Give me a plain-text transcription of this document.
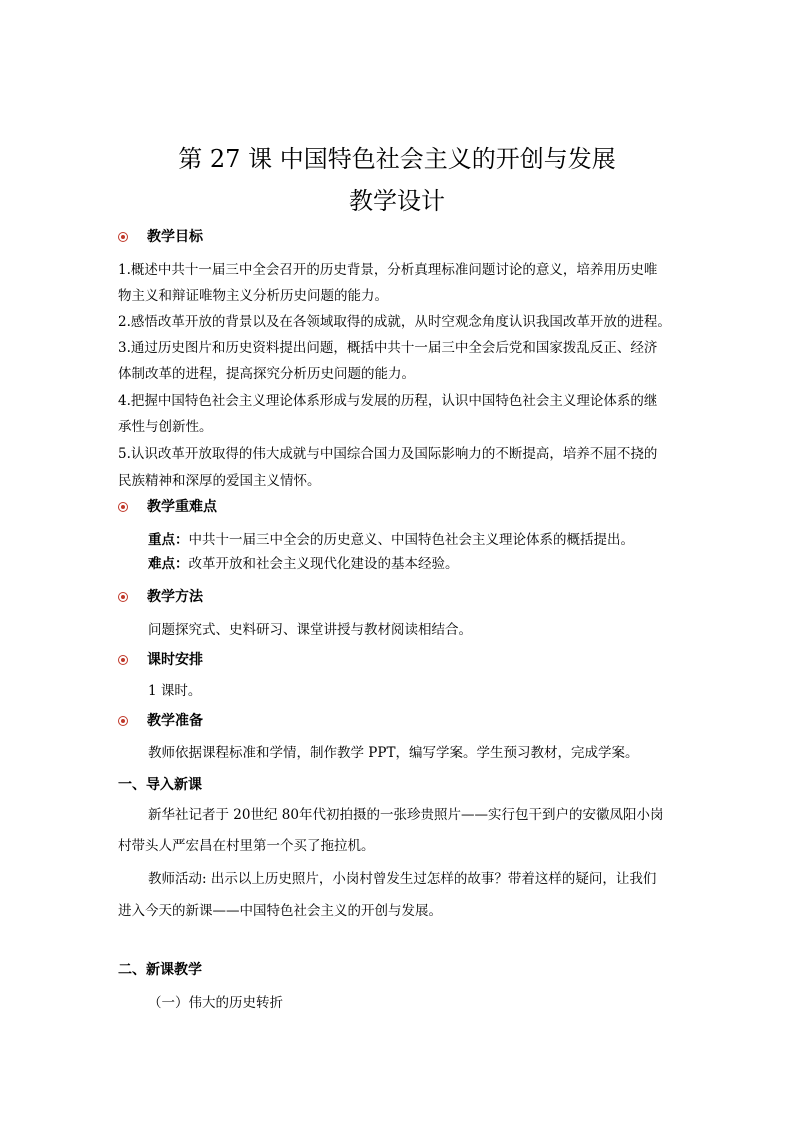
第 27 课 中国特色社会主义的开创与发展
教学设计
教学目标
1.概述中共十一届三中全会召开的历史背景，分析真理标准问题讨论的意义，培养用历史唯
物主义和辩证唯物主义分析历史问题的能力。
2.感悟改革开放的背景以及在各领域取得的成就，从时空观念角度认识我国改革开放的进程。
3.通过历史图片和历史资料提出问题，概括中共十一届三中全会后党和国家拨乱反正、经济
体制改革的进程，提高探究分析历史问题的能力。
4.把握中国特色社会主义理论体系形成与发展的历程，认识中国特色社会主义理论体系的继
承性与创新性。
5.认识改革开放取得的伟大成就与中国综合国力及国际影响力的不断提高，培养不屈不挠的
民族精神和深厚的爱国主义情怀。
教学重难点
重点：中共十一届三中全会的历史意义、中国特色社会主义理论体系的概括提出。
难点：改革开放和社会主义现代化建设的基本经验。
教学方法
问题探究式、史料研习、课堂讲授与教材阅读相结合。
课时安排
1 课时。
教学准备
教师依据课程标准和学情，制作教学 PPT，编写学案。学生预习教材，完成学案。
一、导入新课
新华社记者于 20世纪 80年代初拍摄的一张珍贵照片——实行包干到户的安徽凤阳小岗
村带头人严宏昌在村里第一个买了拖拉机。
教师活动: 出示以上历史照片，小岗村曾发生过怎样的故事？带着这样的疑问，让我们
进入今天的新课——中国特色社会主义的开创与发展。
二、新课教学
（一）伟大的历史转折
